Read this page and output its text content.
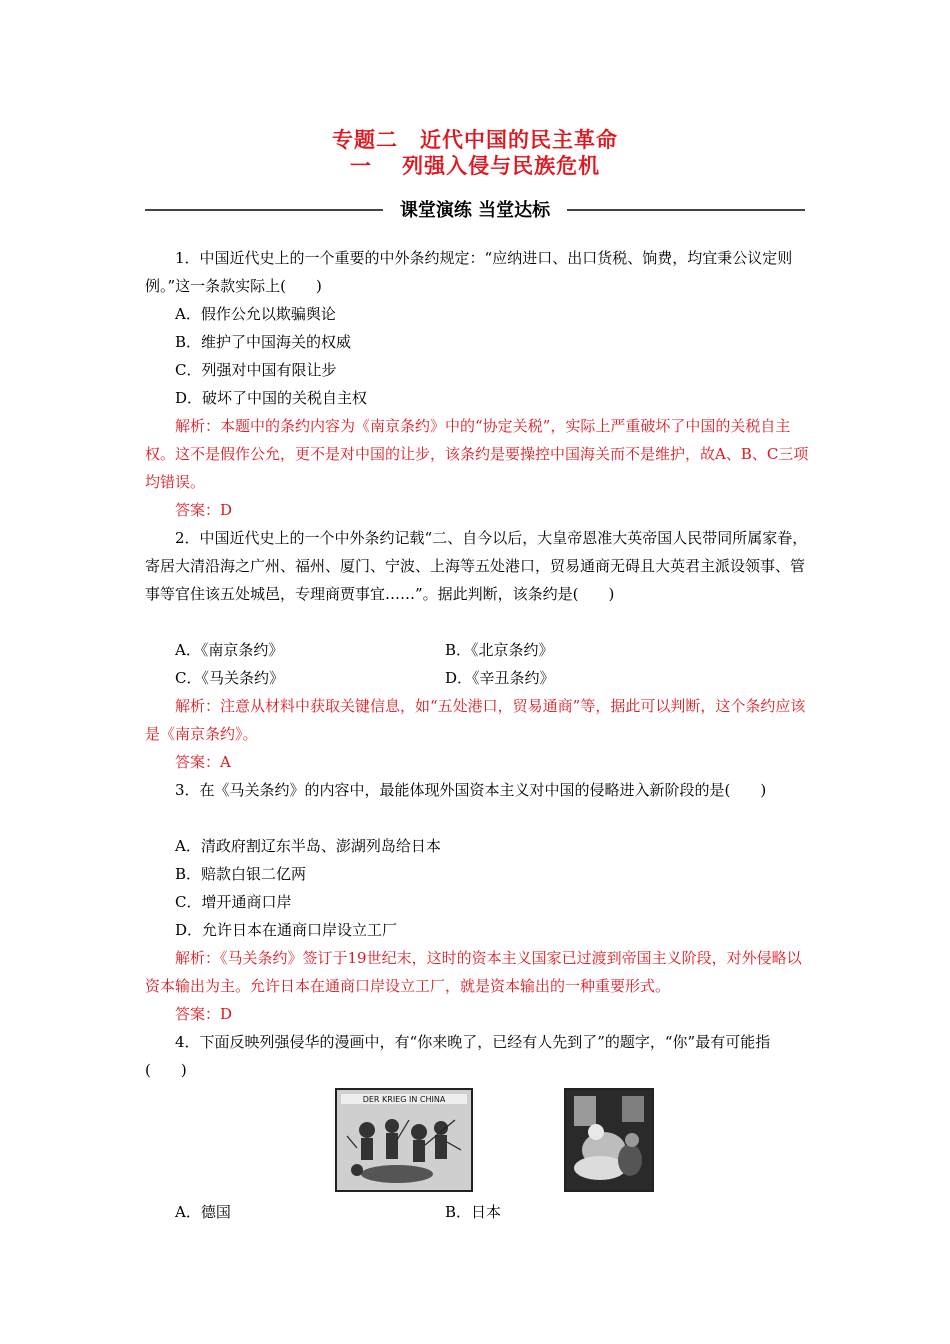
专题二　近代中国的民主革命
一　 列强入侵与民族危机
课堂演练 当堂达标

1．中国近代史上的一个重要的中外条约规定：“应纳进口、出口货税、饷费，均宜秉公议定则例。”这一条款实际上(　　)

A．假作公允以欺骗舆论
B．维护了中国海关的权威
C．列强对中国有限让步
D．破坏了中国的关税自主权

解析：本题中的条约内容为《南京条约》中的“协定关税”，实际上严重破坏了中国的关税自主权。这不是假作公允，更不是对中国的让步，该条约是要操控中国海关而不是维护，故A、B、C三项均错误。

答案：D

2．中国近代史上的一个中外条约记载“二、自今以后，大皇帝恩准大英帝国人民带同所属家眷，寄居大清沿海之广州、福州、厦门、宁波、上海等五处港口，贸易通商无碍且大英君主派设领事、管事等官住该五处城邑，专理商贾事宜……”。据此判断，该条约是(　　)

A．《南京条约》	B．《北京条约》
C．《马关条约》	D．《辛丑条约》

解析：注意从材料中获取关键信息，如“五处港口，贸易通商”等，据此可以判断，这个条约应该是《南京条约》。

答案：A

3．在《马关条约》的内容中，最能体现外国资本主义对中国的侵略进入新阶段的是(　　)

A．清政府割辽东半岛、澎湖列岛给日本
B．赔款白银二亿两
C．增开通商口岸
D．允许日本在通商口岸设立工厂

解析：《马关条约》签订于19世纪末，这时的资本主义国家已过渡到帝国主义阶段，对外侵略以资本输出为主。允许日本在通商口岸设立工厂，就是资本输出的一种重要形式。

答案：D

4．下面反映列强侵华的漫画中，有“你来晚了，已经有人先到了”的题字，“你”最有可能指(　　)

DER KRIEG IN CHINA
A．德国	B．日本
